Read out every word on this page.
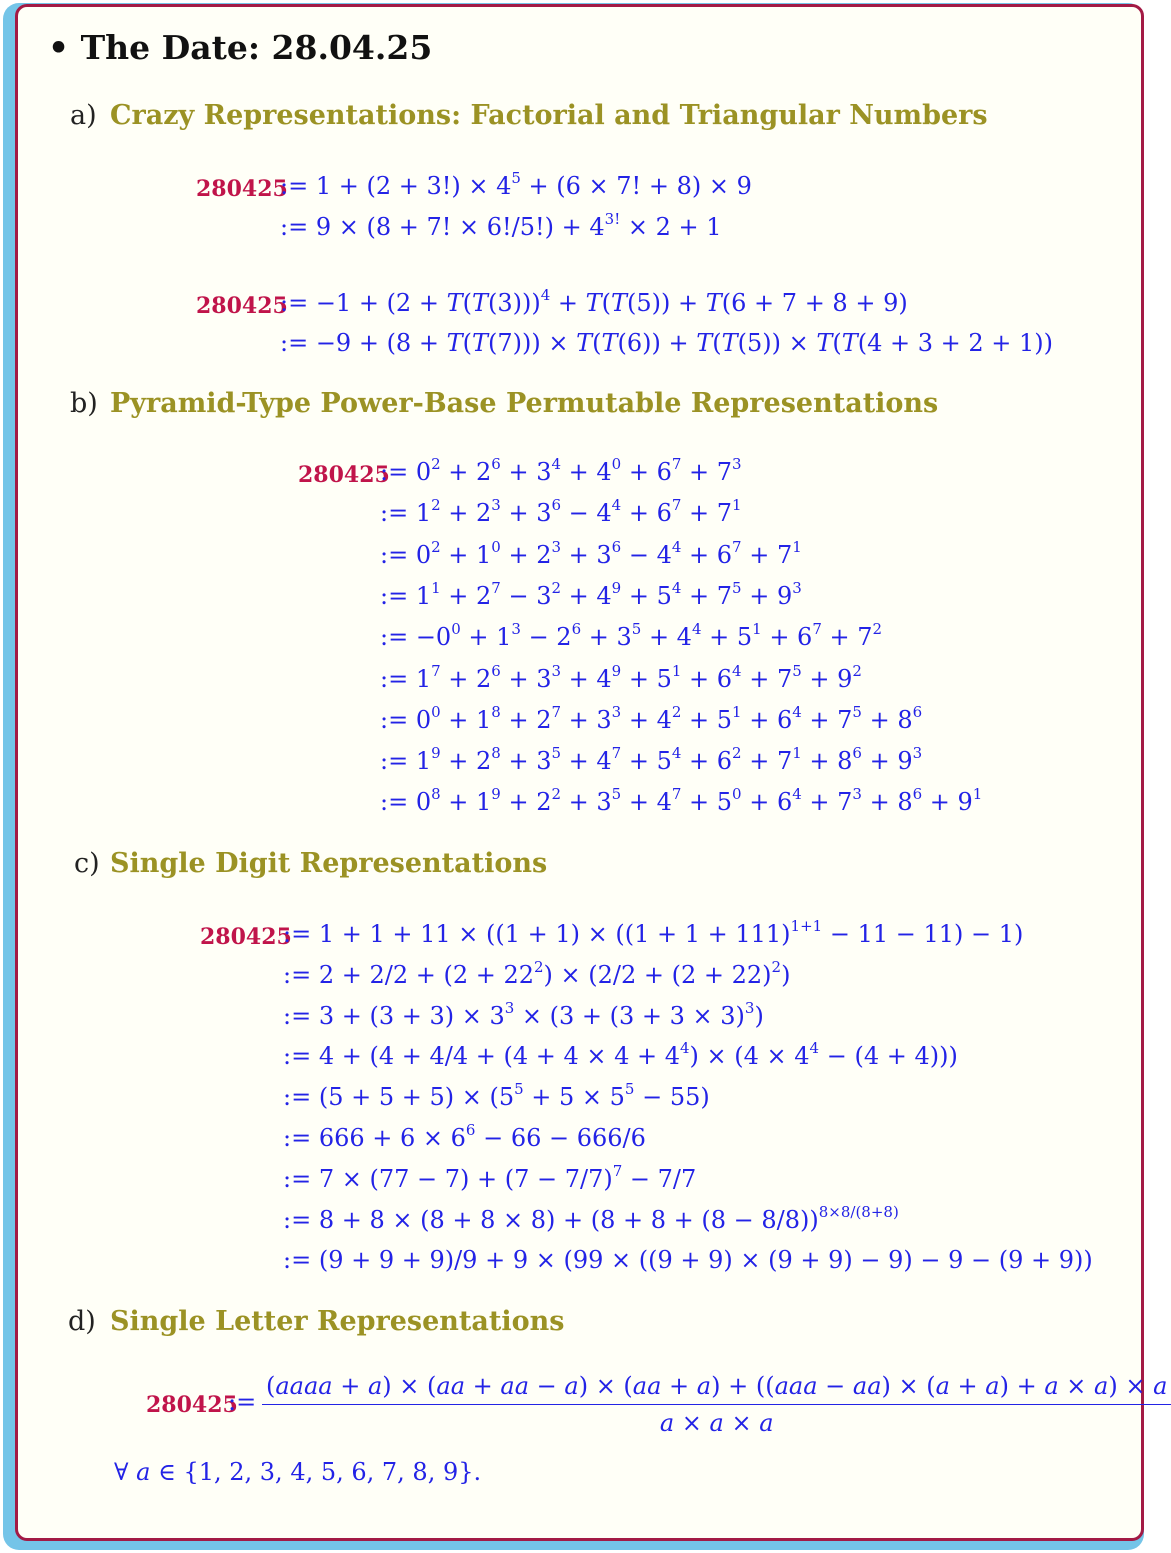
• The Date: 28.04.25
a) Crazy Representations: Factorial and Triangular Numbers
280425
:= $1 + (2 + 3!) \times 4^5 + (6 \times 7$! + 8) × 9
:= 9 × (8 + 7! × $6!/5!) + 4^{3!} \times 2 + 1$
280425
:= $-1 + (2 + T(T(3)))^4 + T(T(5)) + T(6 + 7 + 8 + 9)$
:= −9 + (8 + T(T(7))) × T(T(6)) + T(T(5)) × T(T(4 + 3 + 2 + 1))
b) Pyramid-Type Power-Base Permutable Representations
280425
:= $0^2 + 2^6 + 3^4 + 4^0 + 6^7 + 7^3$
:= $1^2 + 2^3 + 3^6 - 4^4 + 6^7 + 7^1$
:= $0^2 + 1^0 + 2^3 + 3^6 - 4^4 + 6^7 + 7^1$
:= $1^1 + 2^7 - 3^2 + 4^9 + 5^4 + 7^5 + 9^3$
:= $-0^0 + 1^3 - 2^6 + 3^5 + 4^4 + 5^1 + 6^7 + 7^2$
:= $1^7 + 2^6 + 3^3 + 4^9 + 5^1 + 6^4 + 7^5 + 9^2$
:= $0^0 + 1^8 + 2^7 + 3^3 + 4^2 + 5^1 + 6^4 + 7^5 + 8^6$
:= $1^9 + 2^8 + 3^5 + 4^7 + 5^4 + 6^2 + 7^1 + 8^6 + 9^3$
:= $0^8 + 1^9 + 2^2 + 3^5 + 4^7 + 5^0 + 6^4 + 7^3 + 8^6 + 9^1$
c) Single Digit Representations
280425
:= $1 + 1 + 11 \times ((1 + 1) \times ((1 + 1 + 111)^{1+1} - 11 - 11) - 1)$
:= $2 + 2/2 + (2 + 22^2) \times (2/2 + (2 + 22)^2)$
:= $3 + (3 + 3) \times 3^3 \times (3 + (3 + 3 \times 3)^3)$
:= $4 + (4 + 4/4 + (4 + 4 \times 4 + 4^4) \times (4 \times 4^4 - (4 + 4)))$
:= $(5 + 5 + 5) \times (5^5 + 5 \times 5^5 - 55)$
:= $666 + 6 \times 6^6 - 66 - 666/6$
:= $7 \times (77 - 7) + (7 - 7/7)^7 - 7/7$
:= $8 + 8 \times (8 + 8 \times 8) + (8 + 8 + (8 - 8/8))^{8\times 8/(8+8)}$
:= (9 + 9 + 9)/9 + 9 × (99 × ((9 + 9) × (9 + 9) − 9) − 9 − (9 + 9))
d) Single Letter Representations
280425
:=
(aaaa + a) × (aa + aa − a) × (aa + a) + ((aaa − aa) × (a + a) + a × a) × a
a × a × a
∀ a ∈ {1, 2, 3, 4, 5, 6, 7, 8, 9}.
